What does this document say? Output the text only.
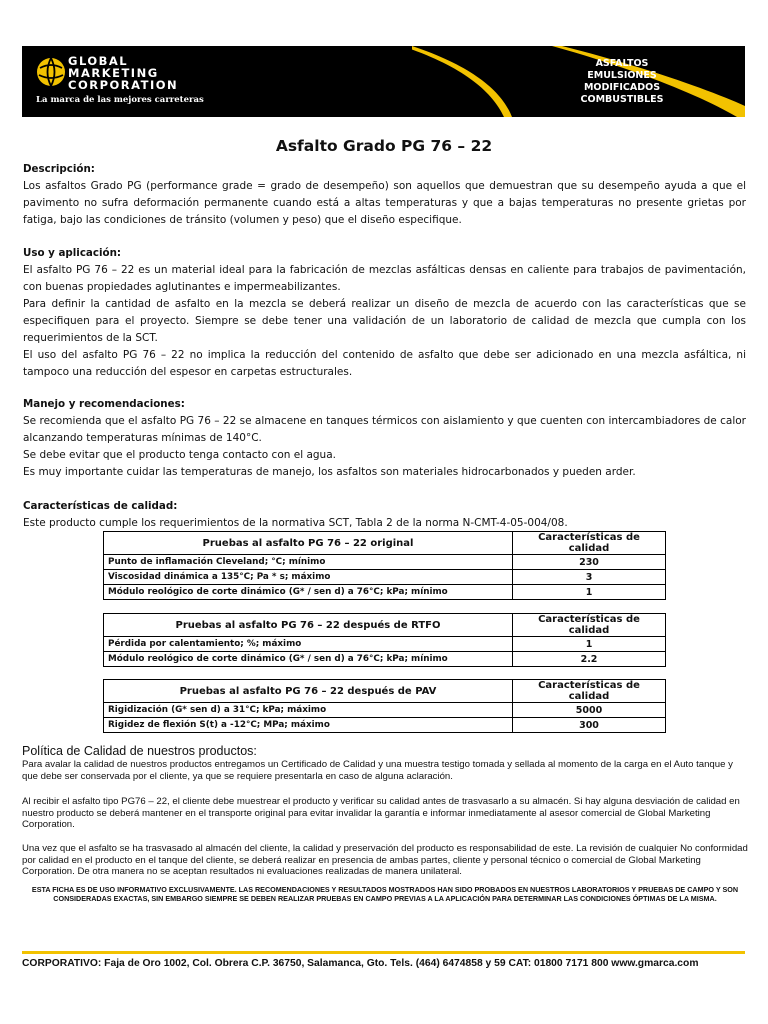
GLOBAL
MARKETING
CORPORATION
La marca de las mejores carreteras
ASFALTOS
EMULSIONES
MODIFICADOS
COMBUSTIBLES
Asfalto Grado PG 76 – 22
Descripción:

Los asfaltos Grado PG (performance grade = grado de desempeño) son aquellos que demuestran que su desempeño ayuda a que el pavimento no sufra deformación permanente cuando está a altas temperaturas y que a bajas temperaturas no presente grietas por fatiga, bajo las condiciones de tránsito (volumen y peso) que el diseño especifique.

Uso y aplicación:

El asfalto PG 76 – 22 es un material ideal para la fabricación de mezclas asfálticas densas en caliente para trabajos de pavimentación, con buenas propiedades aglutinantes e impermeabilizantes.

Para definir la cantidad de asfalto en la mezcla se deberá realizar un diseño de mezcla de acuerdo con las características que se especifiquen para el proyecto. Siempre se debe tener una validación de un laboratorio de calidad de mezcla que cumpla con los requerimientos de la SCT.

El uso del asfalto PG 76 – 22 no implica la reducción del contenido de asfalto que debe ser adicionado en una mezcla asfáltica, ni tampoco una reducción del espesor en carpetas estructurales.

Manejo y recomendaciones:

Se recomienda que el asfalto PG 76 – 22 se almacene en tanques térmicos con aislamiento y que cuenten con intercambiadores de calor alcanzando temperaturas mínimas de 140°C.

Se debe evitar que el producto tenga contacto con el agua.

Es muy importante cuidar las temperaturas de manejo, los asfaltos son materiales hidrocarbonados y pueden arder.

Características de calidad:

Este producto cumple los requerimientos de la normativa SCT, Tabla 2 de la norma N-CMT-4-05-004/08.

Pruebas al asfalto PG 76 – 22 original	Características de calidad
Punto de inflamación Cleveland; °C; mínimo	230
Viscosidad dinámica a 135°C; Pa * s; máximo	3
Módulo reológico de corte dinámico (G* / sen d) a 76°C; kPa; mínimo	1
Pruebas al asfalto PG 76 – 22 después de RTFO	Características de calidad
Pérdida por calentamiento; %; máximo	1
Módulo reológico de corte dinámico (G* / sen d) a 76°C; kPa; mínimo	2.2
Pruebas al asfalto PG 76 – 22 después de PAV	Características de calidad
Rigidización (G* sen d) a 31°C; kPa; máximo	5000
Rigidez de flexión S(t) a -12°C; MPa; máximo	300
Política de Calidad de nuestros productos:

Para avalar la calidad de nuestros productos entregamos un Certificado de Calidad y una muestra testigo tomada y sellada al momento de la carga en el Auto tanque y que debe ser conservada por el cliente, ya que se requiere presentarla en caso de alguna aclaración.

Al recibir el asfalto tipo PG76 – 22, el cliente debe muestrear el producto y verificar su calidad antes de trasvasarlo a su almacén. Si hay alguna desviación de calidad en nuestro producto se deberá mantener en el transporte original para evitar invalidar la garantía e informar inmediatamente al asesor comercial de Global Marketing Corporation.

Una vez que el asfalto se ha trasvasado al almacén del cliente, la calidad y preservación del producto es responsabilidad de este. La revisión de cualquier No conformidad por calidad en el producto en el tanque del cliente, se deberá realizar en presencia de ambas partes, cliente y personal técnico o comercial de Global Marketing Corporation. De otra manera no se aceptan resultados ni evaluaciones realizadas de manera unilateral.

ESTA FICHA ES DE USO INFORMATIVO EXCLUSIVAMENTE. LAS RECOMENDACIONES Y RESULTADOS MOSTRADOS HAN SIDO PROBADOS EN NUESTROS LABORATORIOS Y PRUEBAS DE CAMPO Y SON CONSIDERADAS EXACTAS, SIN EMBARGO SIEMPRE SE DEBEN REALIZAR PRUEBAS EN CAMPO PREVIAS A LA APLICACIÓN PARA DETERMINAR LAS CONDICIONES ÓPTIMAS DE LA MISMA.
CORPORATIVO: Faja de Oro 1002, Col. Obrera C.P. 36750, Salamanca, Gto. Tels. (464) 6474858 y 59 CAT: 01800 7171 800 www.gmarca.com
